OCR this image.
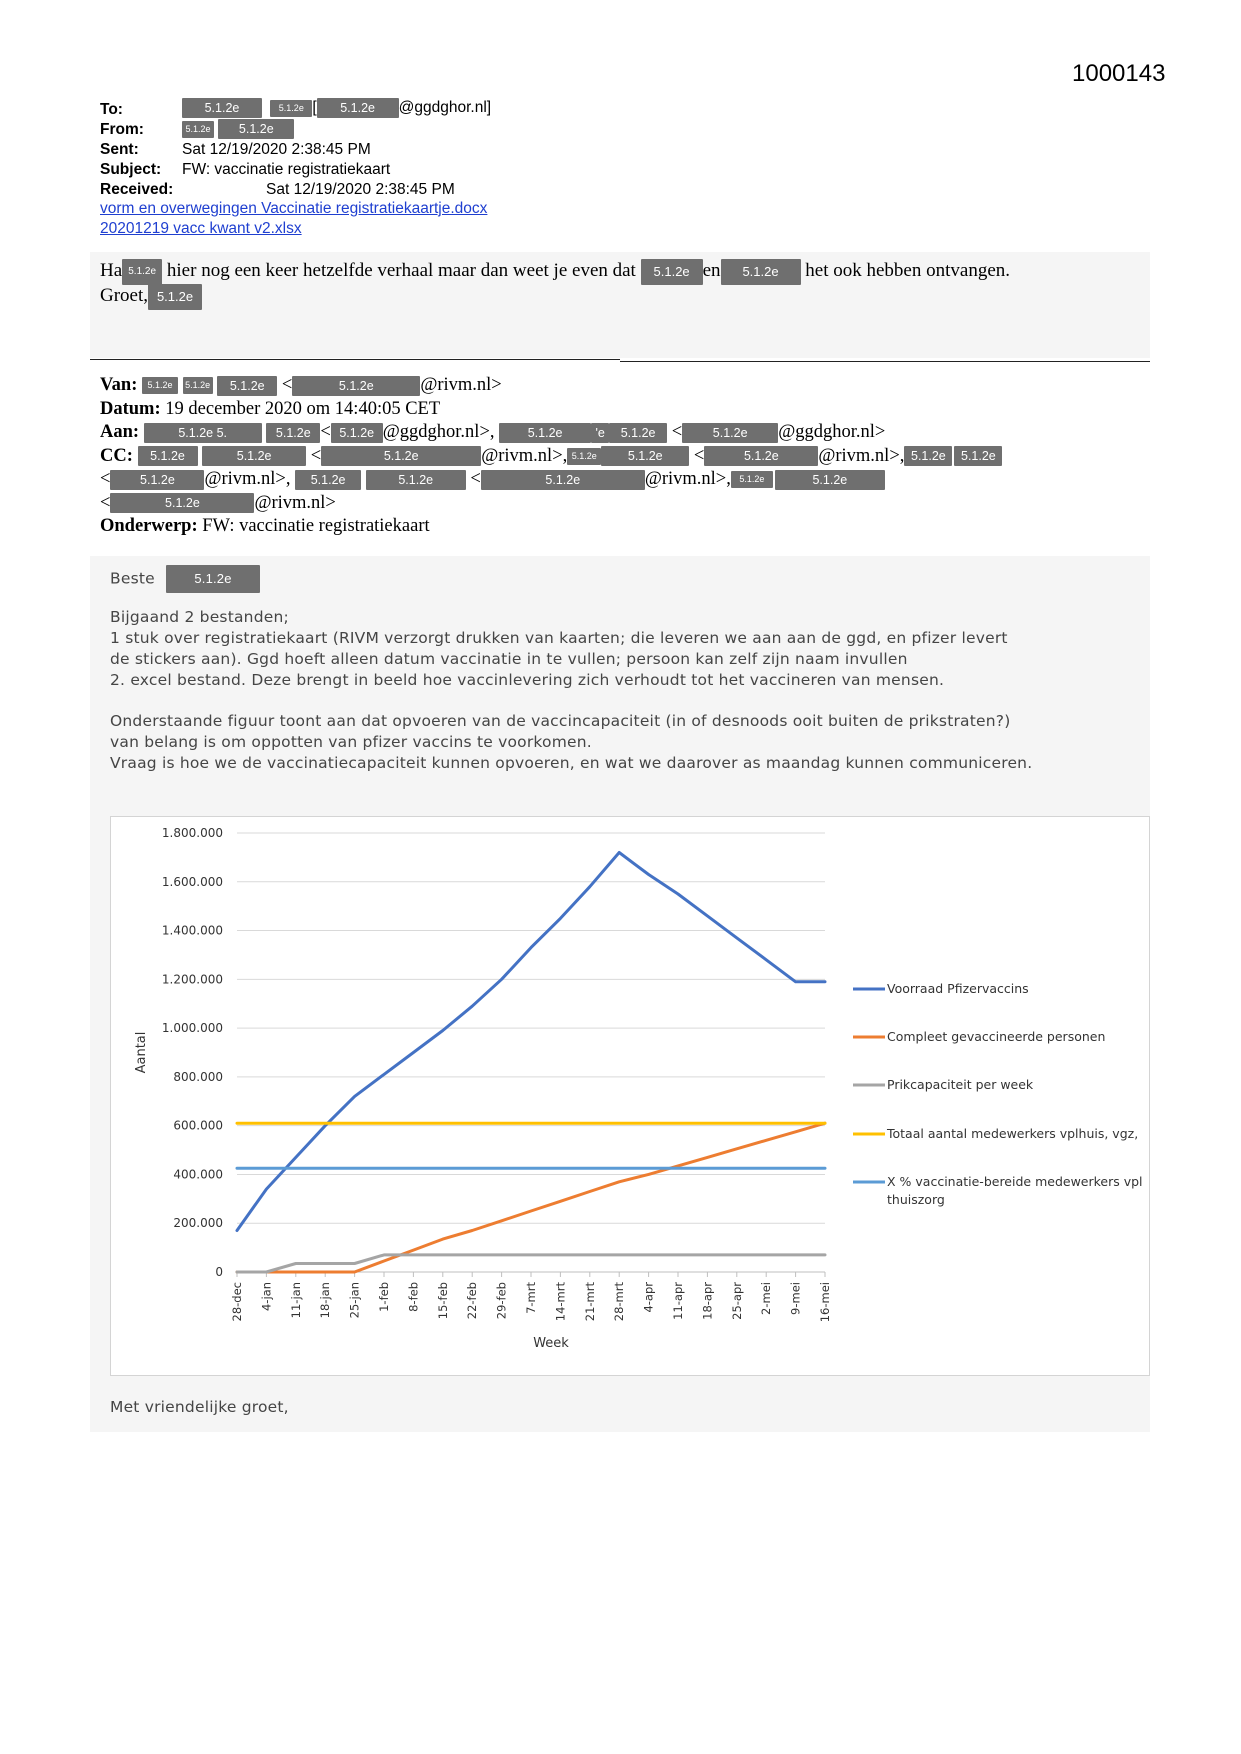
1000143
To:	5.1.2e	5.1.2e [ 5.1.2e @ggdghor.nl]
From:	5.1.2e 5.1.2e
Sent:	Sat 12/19/2020 2:38:45 PM
Subject: FW: vaccinatie registratiekaart
Received:	Sat 12/19/2020 2:38:45 PM
vorm en overwegingen Vaccinatie registratiekaartje.docx
20201219 vacc kwant v2.xlsx
Ha 5.1.2e hier nog een keer hetzelfde verhaal maar dan weet je even dat 5.1.2e en 5.1.2e het ook hebben ontvangen.
Groet, 5.1.2e
Van: 5.1.2e 5.1.2e 5.1.2e <	5.1.2e	@rivm.nl>
Datum: 19 december 2020 om 14:40:05 CET
Aan:	5.1.2e 5.	5.1.2e < 5.1.2e @ggdghor.nl>,	5.1.2e	'e 5.1.2e < 5.1.2e @ggdghor.nl>
CC: 5.1.2e	5.1.2e <	5.1.2e	@rivm.nl>, 5.1.2e 5.1.2e <	5.1.2e @rivm.nl>, 5.1.2e 5.1.2e
< 5.1.2e @rivm.nl>, 5.1.2e	5.1.2e <	5.1.2e	@rivm.nl>, 5.1.2e	5.1.2e
<	5.1.2e	@rivm.nl>
Onderwerp: FW: vaccinatie registratiekaart
Beste	5.1.2e
Bijgaand 2 bestanden;
1 stuk over registratiekaart (RIVM verzorgt drukken van kaarten; die leveren we aan aan de ggd, en pfizer levert
de stickers aan). Ggd hoeft alleen datum vaccinatie in te vullen; persoon kan zelf zijn naam invullen
2. excel bestand. Deze brengt in beeld hoe vaccinlevering zich verhoudt tot het vaccineren van mensen.
Onderstaande figuur toont aan dat opvoeren van de vaccincapaciteit (in of desnoods ooit buiten de prikstraten?)
van belang is om oppotten van pfizer vaccins te voorkomen.
Vraag is hoe we de vaccinatiecapaciteit kunnen opvoeren, en wat we daarover as maandag kunnen communiceren.
0
200.000
400.000
600.000
800.000
1.000.000
1.200.000
1.400.000
1.600.000
1.800.000
28-dec 4-jan 11-jan 18-jan 25-jan 1-feb 8-feb 15-feb 22-feb 29-feb 7-mrt 14-mrt 21-mrt 28-mrt 4-apr 11-apr 18-apr 25-apr 2-mei 9-mei 16-mei
Aantal
Week
Voorraad Pfizervaccins
Compleet gevaccineerde personen
Prikcapaciteit per week
Totaal aantal medewerkers vplhuis, vgz,
X % vaccinatie-bereide medewerkers vpl
thuiszorg
Met vriendelijke groet,
